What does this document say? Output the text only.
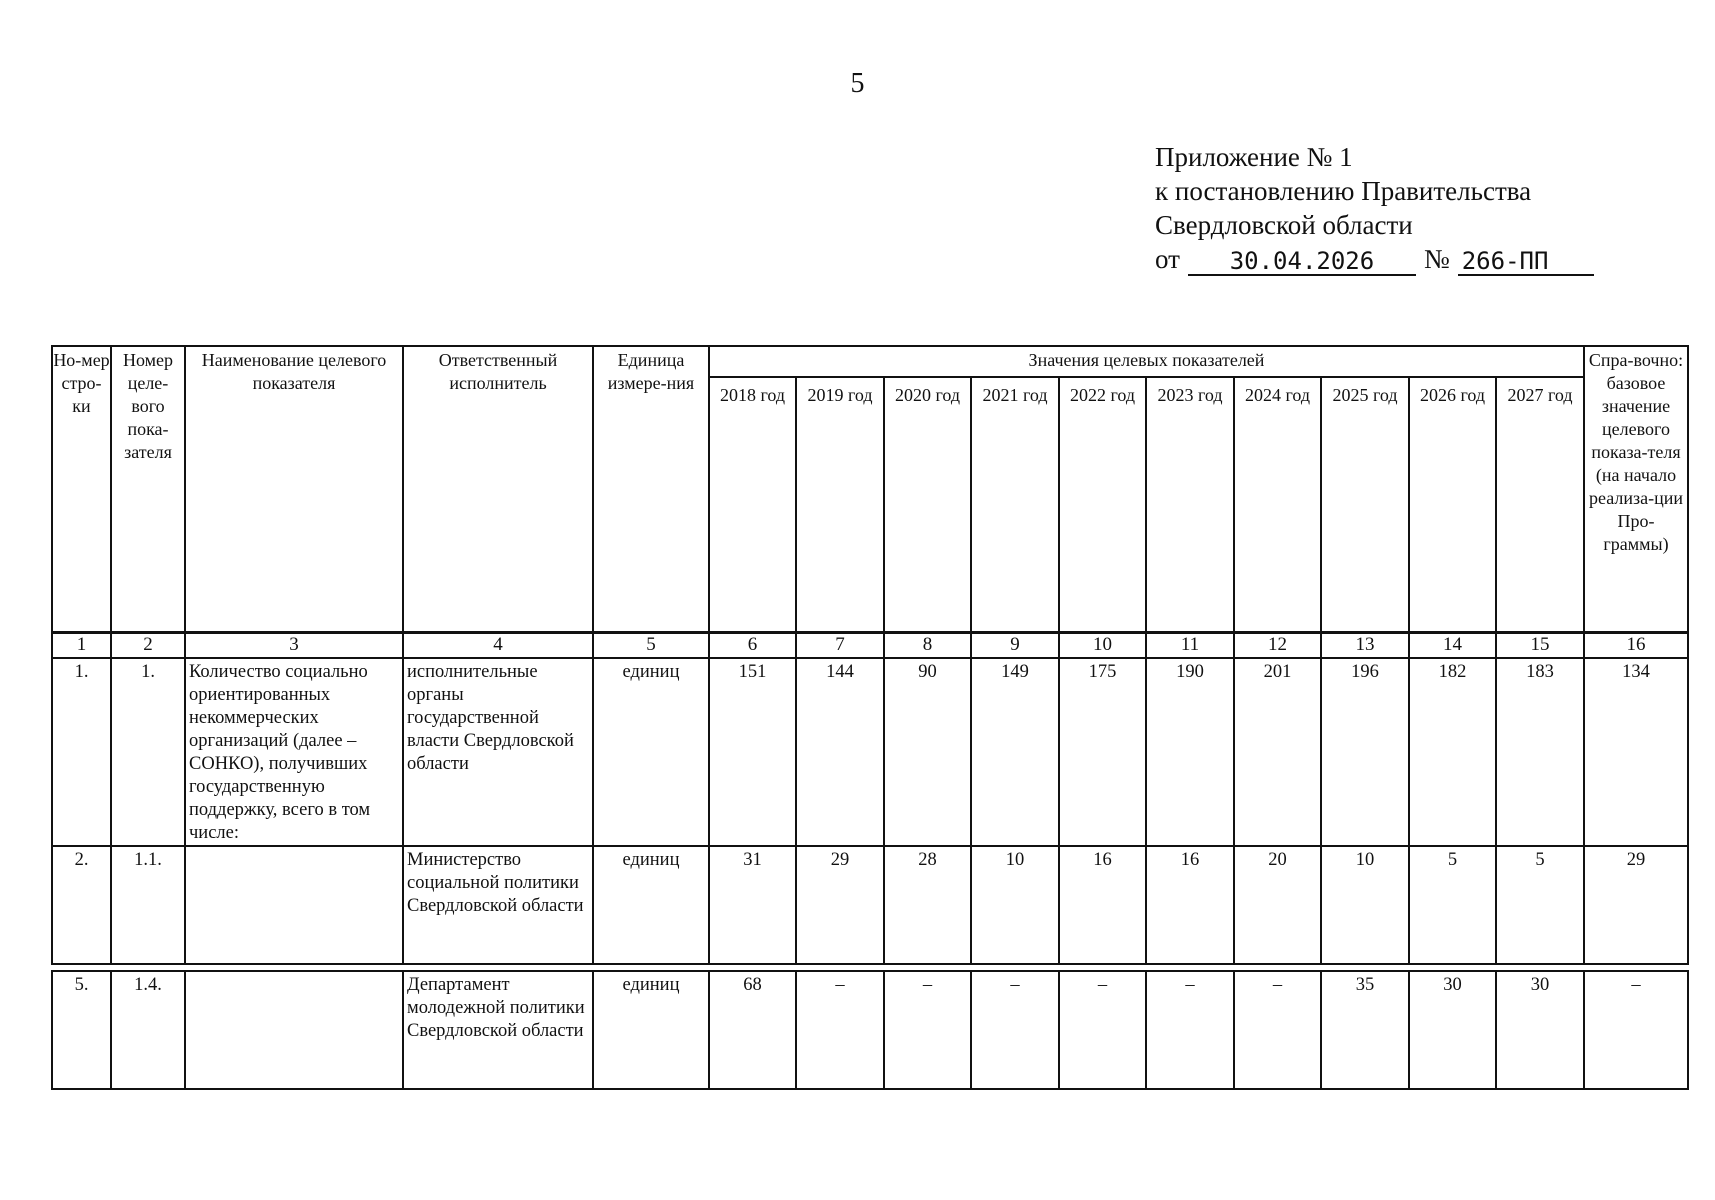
5
Приложение № 1
к постановлению Правительства
Свердловской области
от	30.04.2026	№ 266-ПП
Но-мер стро-ки	Номер целе-вого пока-зателя	Наименование целевого показателя	Ответственный исполнитель	Единица измере-ния	Значения целевых показателей										Спра-вочно: базовое значение целевого показа-теля (на начало реализа-ции Про-граммы)
					2018 год	2019 год	2020 год	2021 год	2022 год	2023 год	2024 год	2025 год	2026 год	2027 год	
1	2	3	4	5	6	7	8	9	10	11	12	13	14	15	16
1.	1.	Количество социально ориентированных некоммерческих организаций (далее – СОНКО), получивших государственную поддержку, всего в том числе:	исполнительные органы государственной власти Свердловской области	единиц	151	144	90	149	175	190	201	196	182	183	134
2.	1.1.		Министерство социальной политики Свердловской области	единиц	31	29	28	10	16	16	20	10	5	5	29

5.	1.4.		Департамент молодежной политики Свердловской области	единиц	68	–	–	–	–	–	–	35	30	30	–
